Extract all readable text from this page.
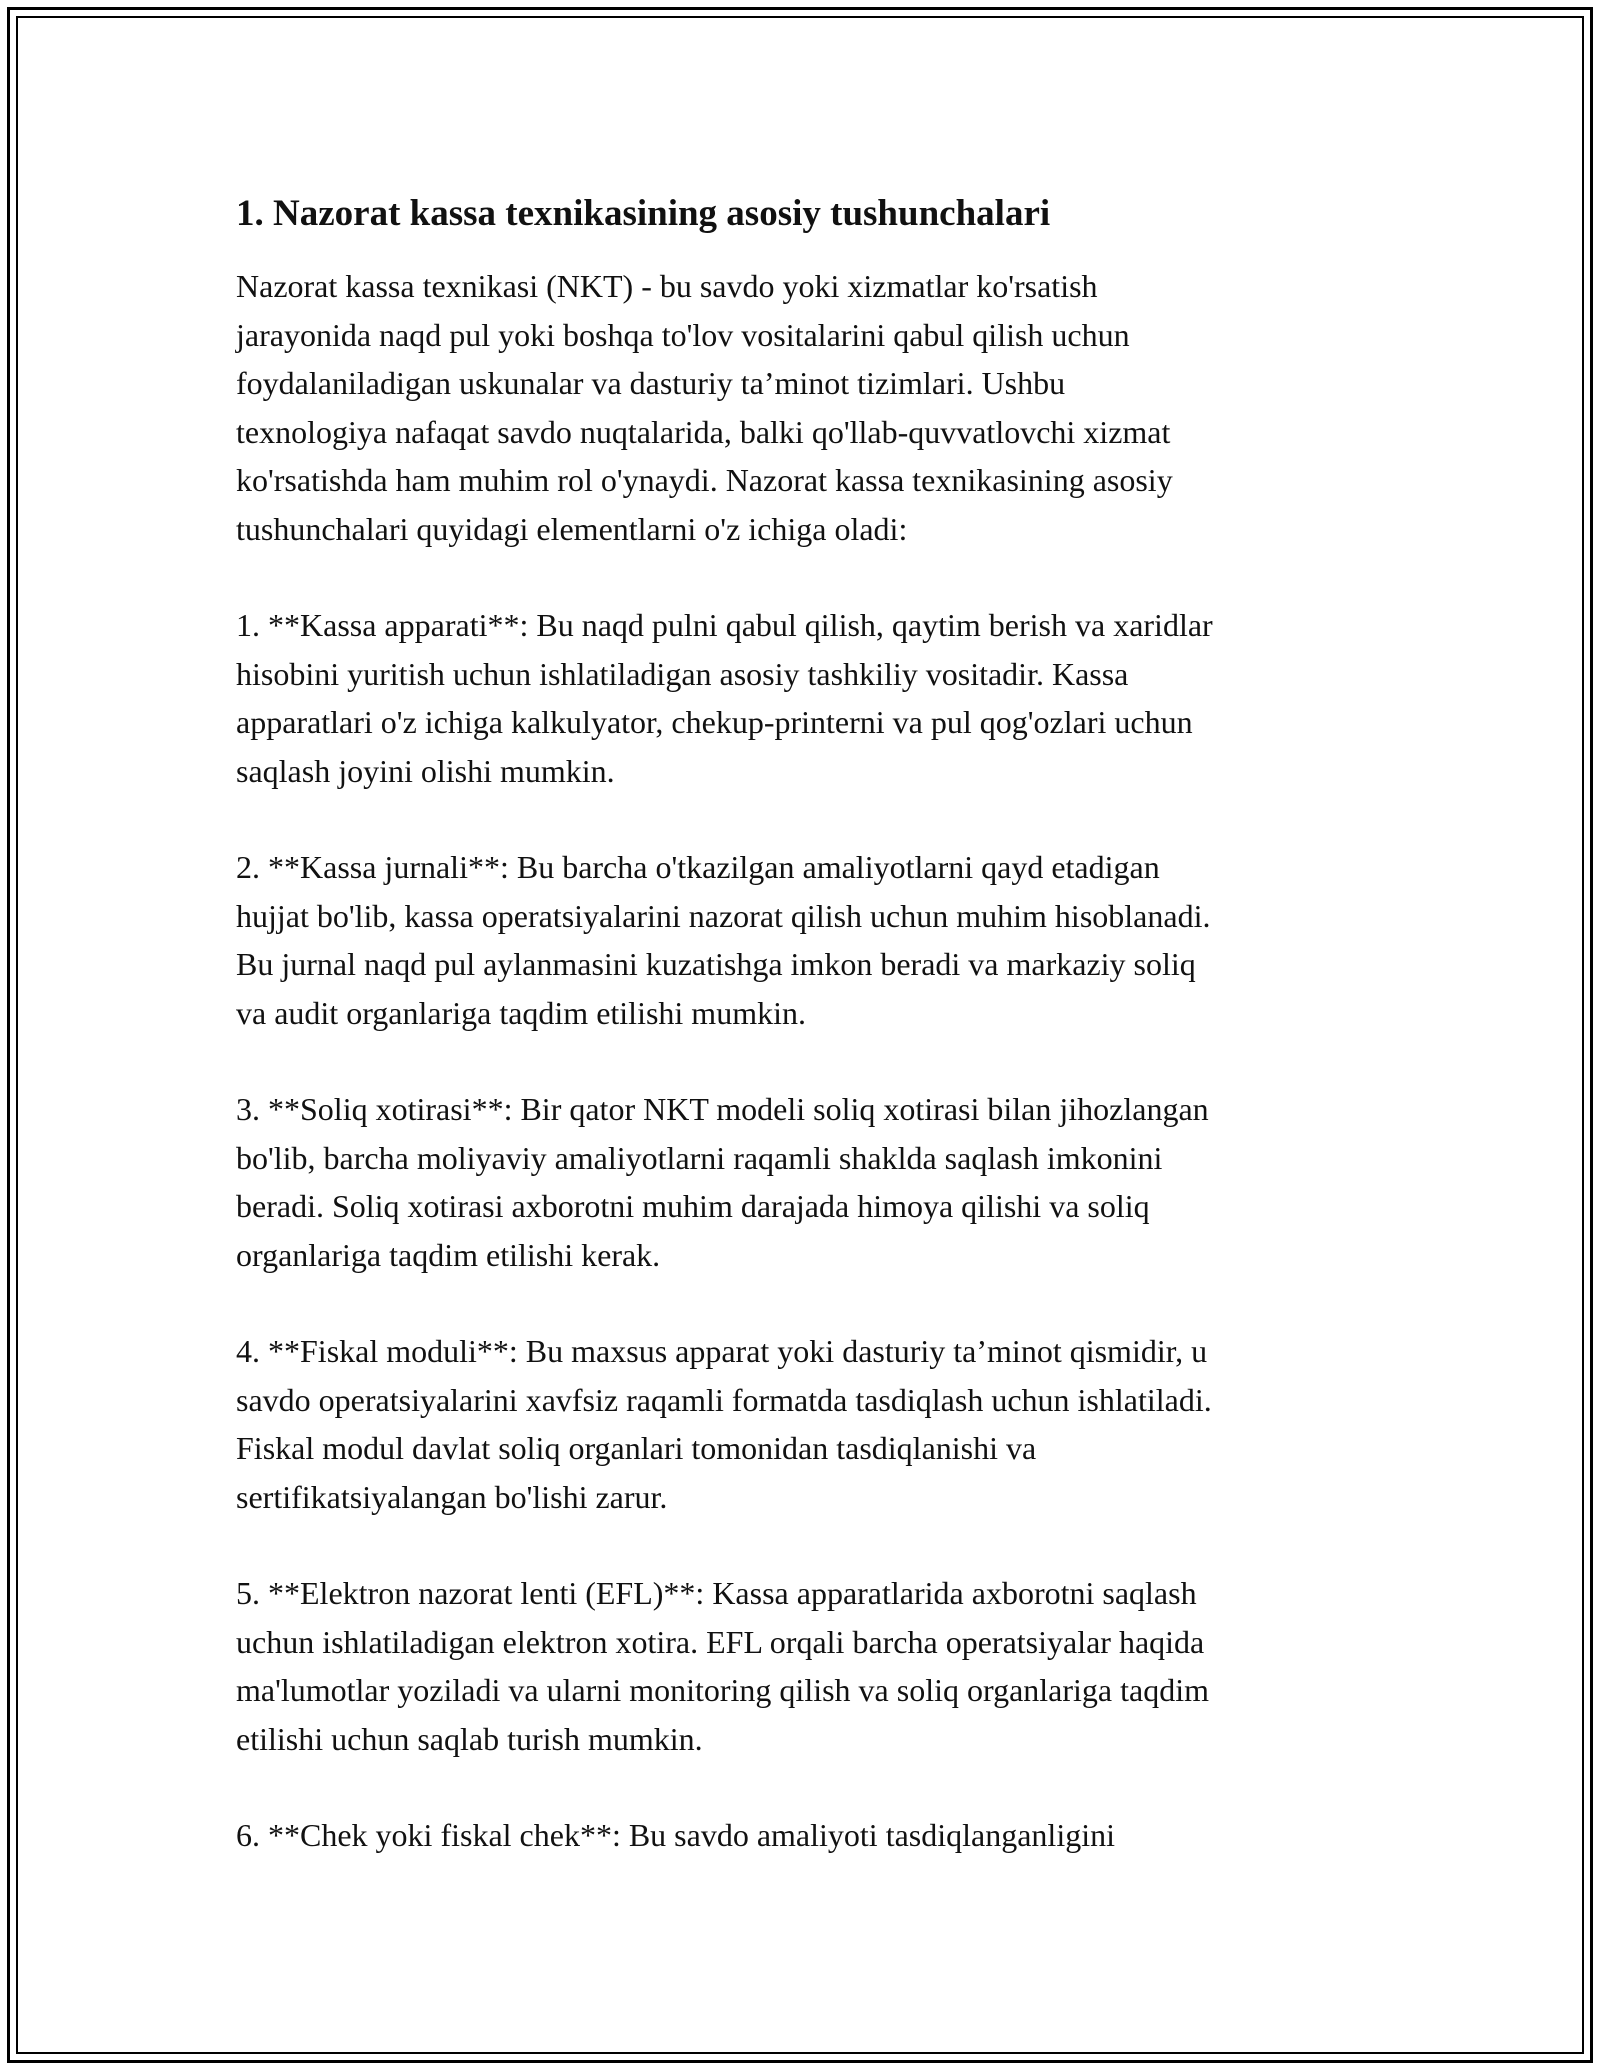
1. Nazorat kassa texnikasining asosiy tushunchalari

Nazorat kassa texnikasi (NKT) - bu savdo yoki xizmatlar ko'rsatish
jarayonida naqd pul yoki boshqa to'lov vositalarini qabul qilish uchun
foydalaniladigan uskunalar va dasturiy ta’minot tizimlari. Ushbu
texnologiya nafaqat savdo nuqtalarida, balki qo'llab-quvvatlovchi xizmat
ko'rsatishda ham muhim rol o'ynaydi. Nazorat kassa texnikasining asosiy
tushunchalari quyidagi elementlarni o'z ichiga oladi:

1. **Kassa apparati**: Bu naqd pulni qabul qilish, qaytim berish va xaridlar
hisobini yuritish uchun ishlatiladigan asosiy tashkiliy vositadir. Kassa
apparatlari o'z ichiga kalkulyator, chekup-printerni va pul qog'ozlari uchun
saqlash joyini olishi mumkin.

2. **Kassa jurnali**: Bu barcha o'tkazilgan amaliyotlarni qayd etadigan
hujjat bo'lib, kassa operatsiyalarini nazorat qilish uchun muhim hisoblanadi.
Bu jurnal naqd pul aylanmasini kuzatishga imkon beradi va markaziy soliq
va audit organlariga taqdim etilishi mumkin.

3. **Soliq xotirasi**: Bir qator NKT modeli soliq xotirasi bilan jihozlangan
bo'lib, barcha moliyaviy amaliyotlarni raqamli shaklda saqlash imkonini
beradi. Soliq xotirasi axborotni muhim darajada himoya qilishi va soliq
organlariga taqdim etilishi kerak.

4. **Fiskal moduli**: Bu maxsus apparat yoki dasturiy ta’minot qismidir, u
savdo operatsiyalarini xavfsiz raqamli formatda tasdiqlash uchun ishlatiladi.
Fiskal modul davlat soliq organlari tomonidan tasdiqlanishi va
sertifikatsiyalangan bo'lishi zarur.

5. **Elektron nazorat lenti (EFL)**: Kassa apparatlarida axborotni saqlash
uchun ishlatiladigan elektron xotira. EFL orqali barcha operatsiyalar haqida
ma'lumotlar yoziladi va ularni monitoring qilish va soliq organlariga taqdim
etilishi uchun saqlab turish mumkin.

6. **Chek yoki fiskal chek**: Bu savdo amaliyoti tasdiqlanganligini
